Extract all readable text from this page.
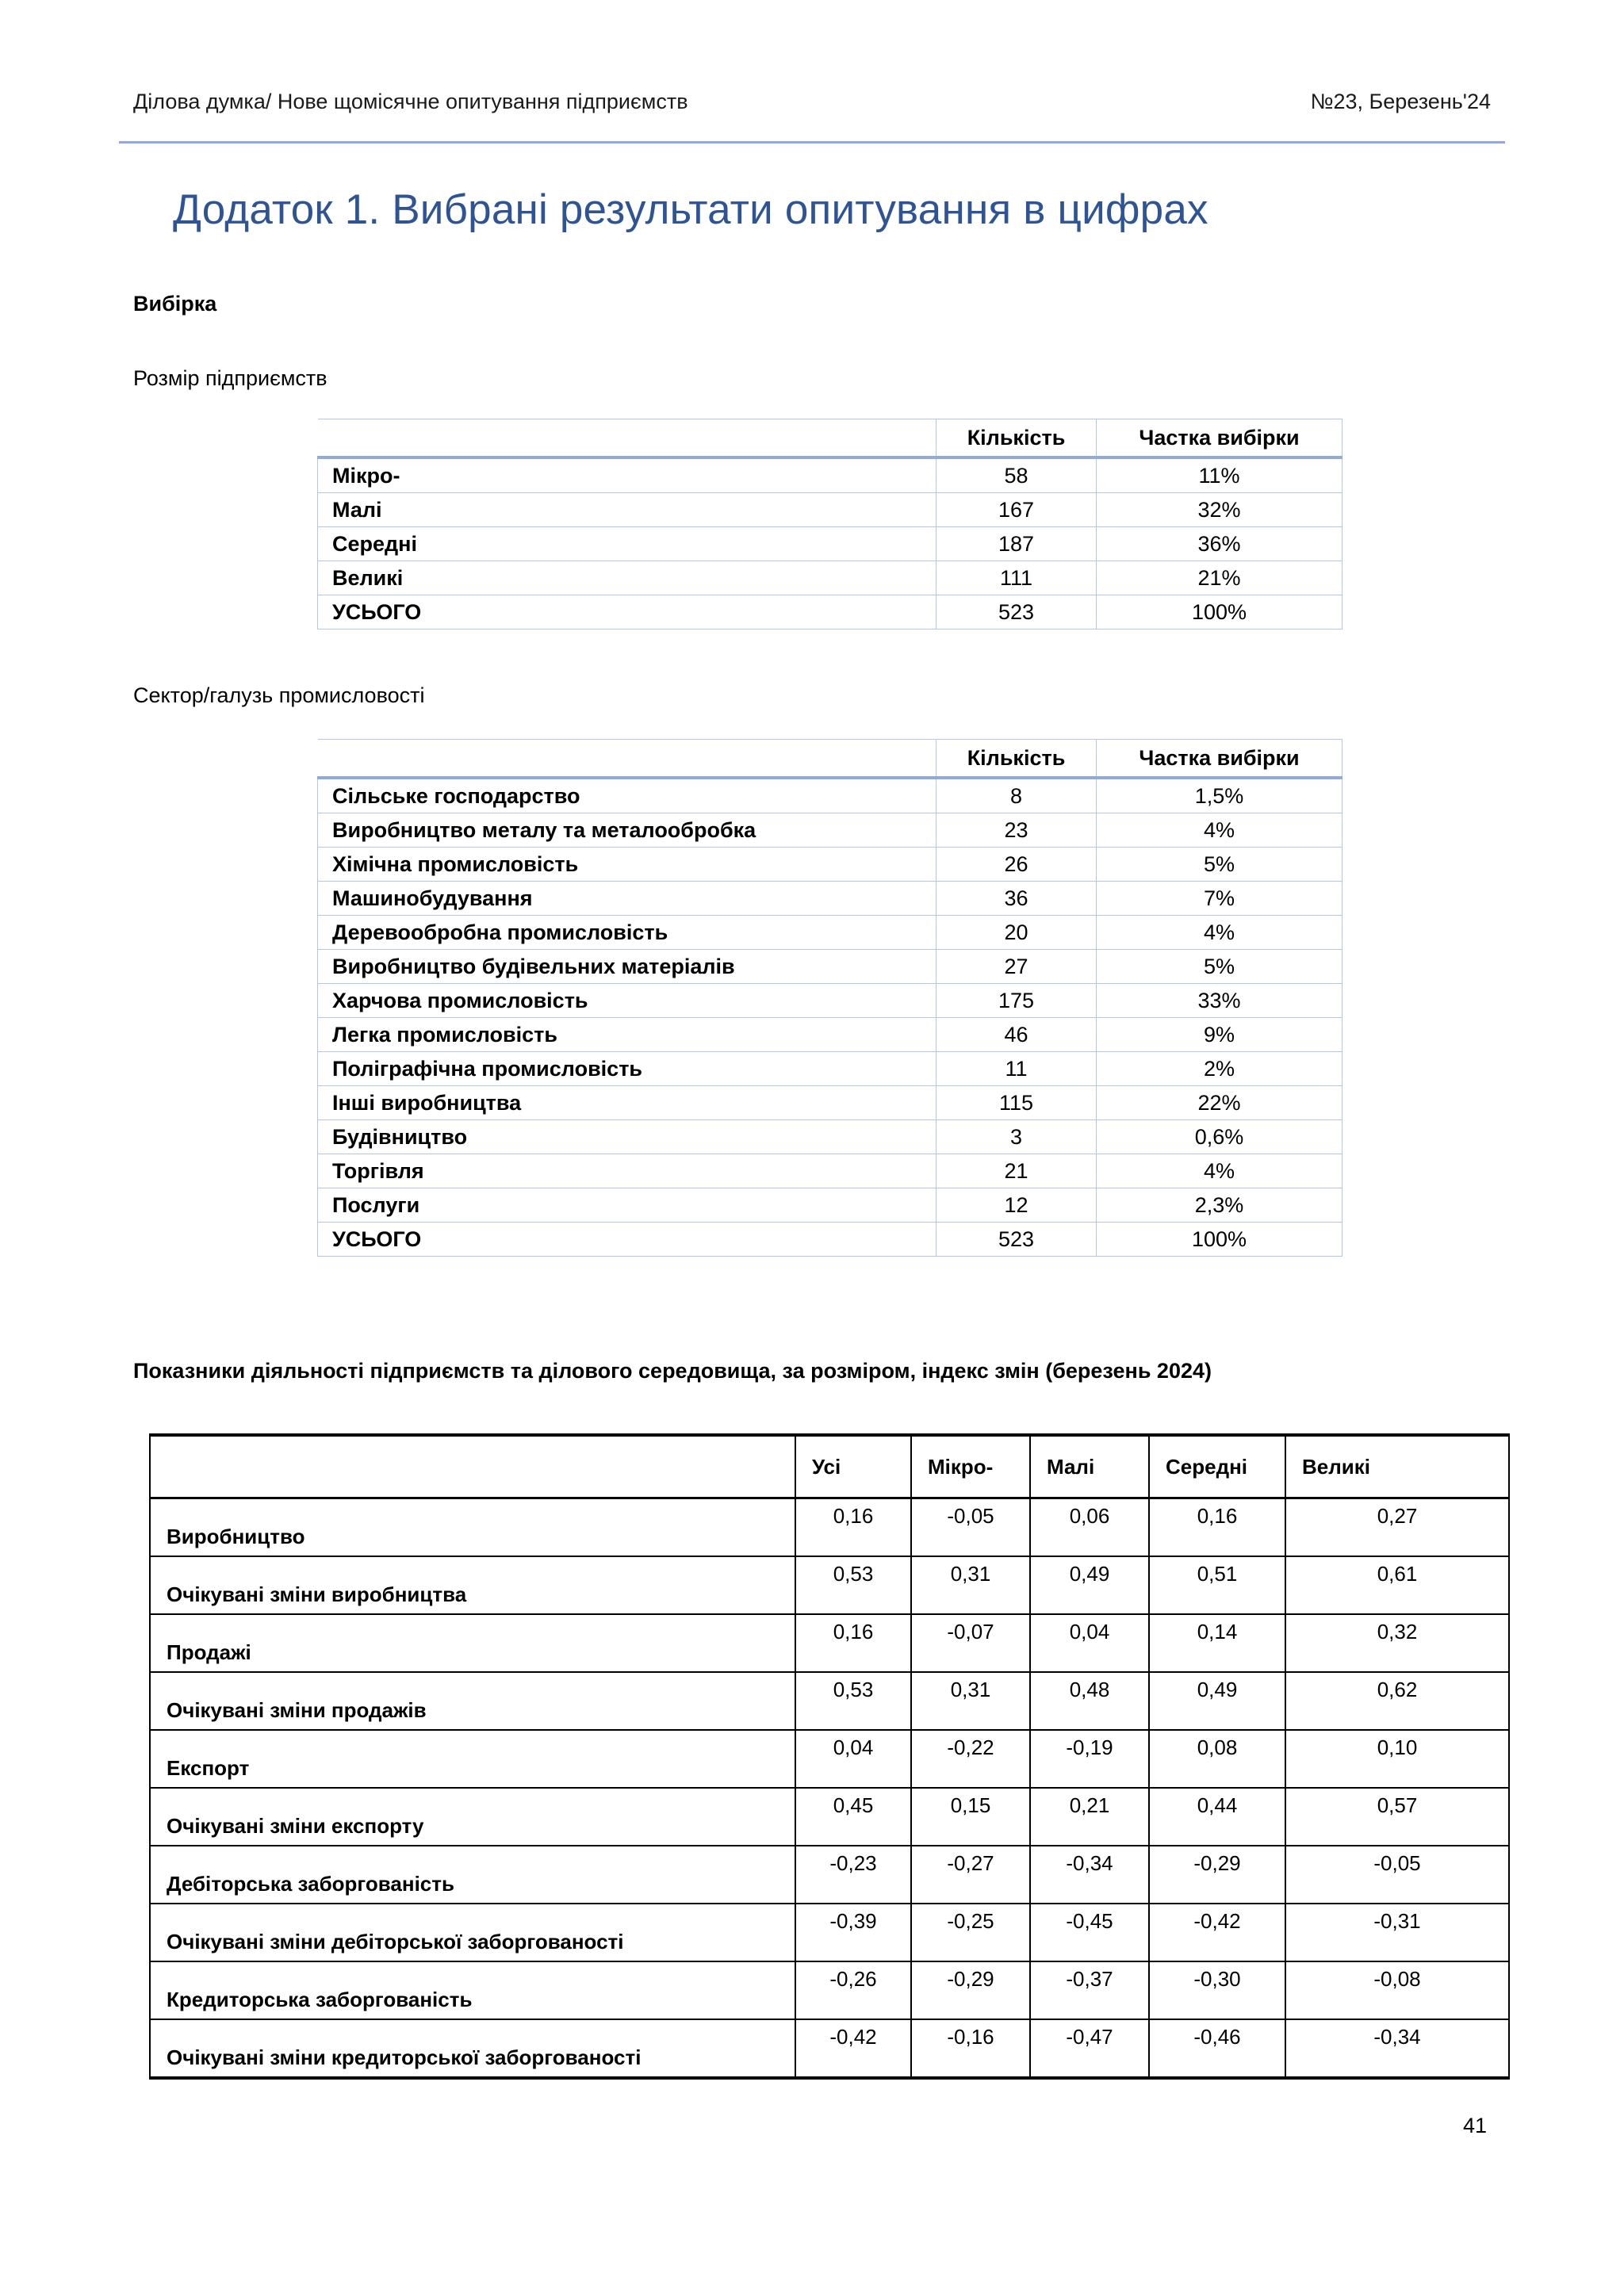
Ділова думка/ Нове щомісячне опитування підприємств	№23, Березень'24
Додаток 1. Вибрані результати опитування в цифрах
Вибірка
Розмір підприємств
	Кількість	Частка вибірки
Мікро-	58	11%
Малі	167	32%
Середні	187	36%
Великі	111	21%
УСЬОГО	523	100%
Сектор/галузь промисловості
	Кількість	Частка вибірки
Сільське господарство	8	1,5%
Виробництво металу та металообробка	23	4%
Хімічна промисловість	26	5%
Машинобудування	36	7%
Деревообробна промисловість	20	4%
Виробництво будівельних матеріалів	27	5%
Харчова промисловість	175	33%
Легка промисловість	46	9%
Поліграфічна промисловість	11	2%
Інші виробництва	115	22%
Будівництво	3	0,6%
Торгівля	21	4%
Послуги	12	2,3%
УСЬОГО	523	100%
Показники діяльності підприємств та ділового середовища, за розміром, індекс змін (березень 2024)
	Усі	Мікро-	Малі	Середні	Великі
Виробництво	0,16	-0,05	0,06	0,16	0,27
Очікувані зміни виробництва	0,53	0,31	0,49	0,51	0,61
Продажі	0,16	-0,07	0,04	0,14	0,32
Очікувані зміни продажів	0,53	0,31	0,48	0,49	0,62
Експорт	0,04	-0,22	-0,19	0,08	0,10
Очікувані зміни експорту	0,45	0,15	0,21	0,44	0,57
Дебіторська заборгованість	-0,23	-0,27	-0,34	-0,29	-0,05
Очікувані зміни дебіторської заборгованості	-0,39	-0,25	-0,45	-0,42	-0,31
Кредиторська заборгованість	-0,26	-0,29	-0,37	-0,30	-0,08
Очікувані зміни кредиторської заборгованості	-0,42	-0,16	-0,47	-0,46	-0,34
41
